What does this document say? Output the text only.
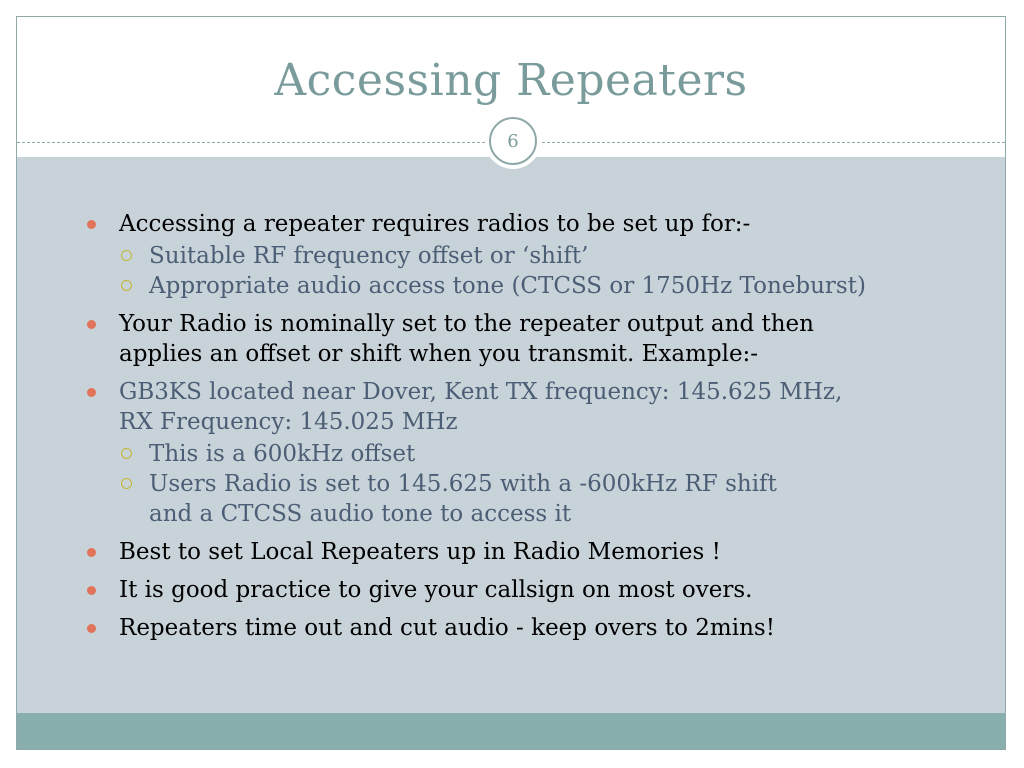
Accessing Repeaters
Accessing a repeater requires radios to be set up for:-
Suitable RF frequency offset or ‘shift’
Appropriate audio access tone (CTCSS or 1750Hz Toneburst)
Your Radio is nominally set to the repeater output and then applies an offset or shift when you transmit. Example:-
GB3KS located near Dover, Kent TX frequency: 145.625 MHz, RX Frequency: 145.025 MHz
This is a 600kHz offset
Users Radio is set to 145.625 with a -600kHz RF shift and a CTCSS audio tone to access it
Best to set Local Repeaters up in Radio Memories !
It is good practice to give your callsign on most overs.
Repeaters time out and cut audio - keep overs to 2mins!
6
